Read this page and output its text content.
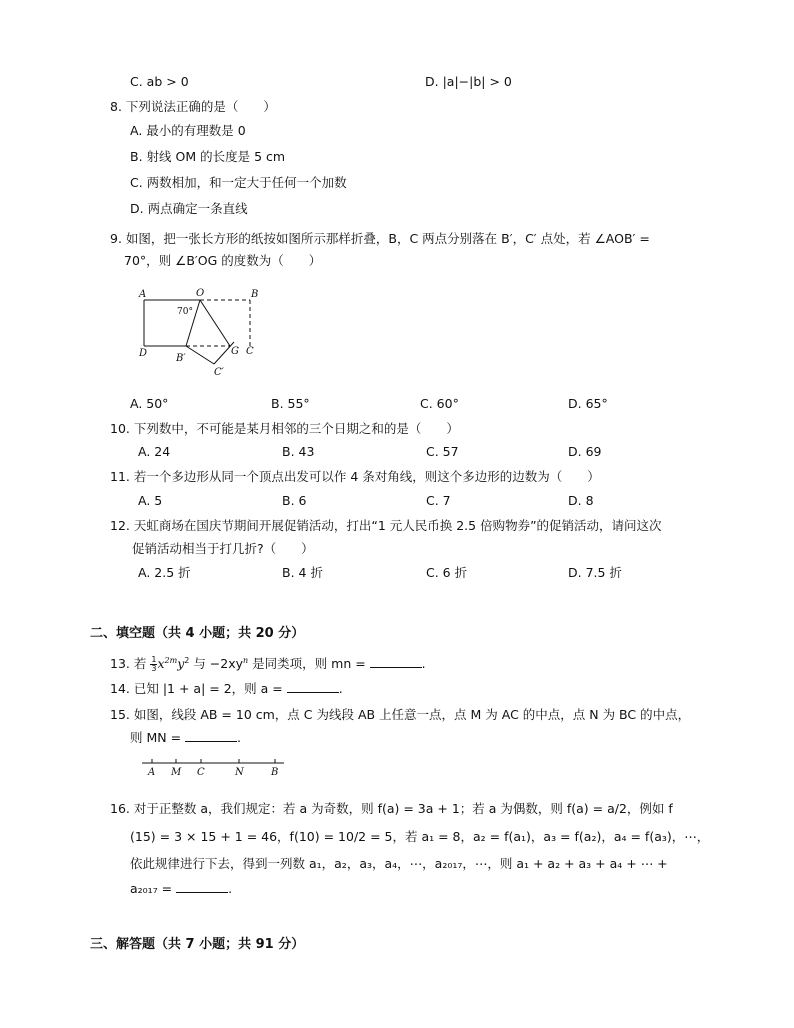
C. ab > 0	D. |a|−|b| > 0
8. 下列说法正确的是（　　）
A. 最小的有理数是 0
B. 射线 OM 的长度是 5 cm
C. 两数相加，和一定大于任何一个加数
D. 两点确定一条直线
9. 如图，把一张长方形的纸按如图所示那样折叠，B，C 两点分别落在 B′，C′ 点处，若 ∠AOB′ =
70°，则 ∠B′OG 的度数为（　　）
A	O	B
D	B′
G C
C′
70°
A. 50°	B. 55°	C. 60°	D. 65°
10. 下列数中，不可能是某月相邻的三个日期之和的是（　　）
A. 24	B. 43	C. 57	D. 69
11. 若一个多边形从同一个顶点出发可以作 4 条对角线，则这个多边形的边数为（　　）
A. 5	B. 6	C. 7	D. 8
12. 天虹商场在国庆节期间开展促销活动，打出“1 元人民币换 2.5 倍购物券”的促销活动，请问这次
促销活动相当于打几折?（　　）
A. 2.5 折	B. 4 折	C. 6 折	D. 7.5 折
二、填空题（共 4 小题；共 20 分）
13. 若 $\frac{1}{3} x^{2m}y^2$ 与 $-2xy^n$ 是同类项，则 mn =	.
14. 已知 |1 + a| = 2，则 a =	.
15. 如图，线段 AB = 10 cm，点 C 为线段 AB 上任意一点，点 M 为 AC 的中点，点 N 为 BC 的中点，
则 MN =	.
A M C	N	B
16. 对于正整数 a，我们规定：若 a 为奇数，则 f(a) = 3a + 1；若 a 为偶数，则 f(a) = a/2，例如 f
(15) = 3 × 15 + 1 = 46，f(10) = 10/2 = 5，若 a₁ = 8，a₂ = f(a₁)，a₃ = f(a₂)，a₄ = f(a₃)，⋯，
依此规律进行下去，得到一列数 a₁，a₂，a₃，a₄，⋯，a₂₀₁₇，⋯，则 a₁ + a₂ + a₃ + a₄ + ⋯ +
a₂₀₁₇ =	.
三、解答题（共 7 小题；共 91 分）
